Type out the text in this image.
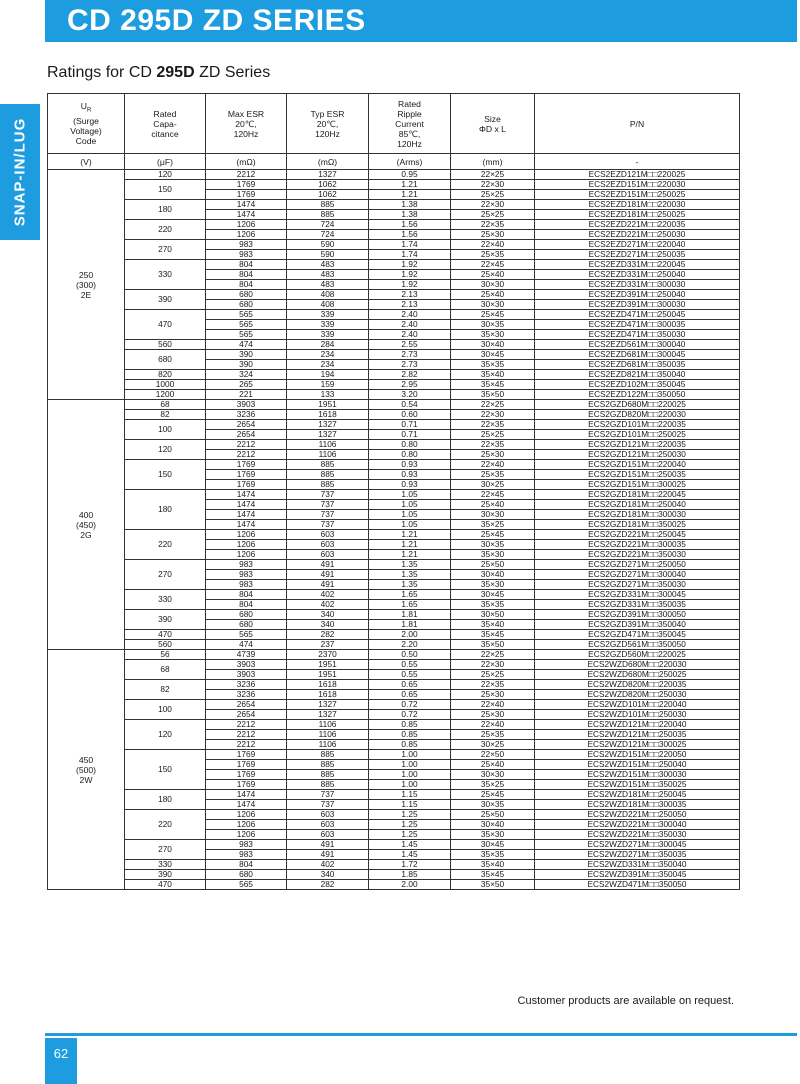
CD 295D ZD SERIES
SNAP-IN/LUG
Ratings for CD 295D ZD Series
$U_R$
(Surge
Voltage)
Code	Rated
Capa-
citance	Max ESR
20℃,
120Hz	Typ ESR
20℃,
120Hz	Rated
Ripple
Current
85℃,
120Hz	Size
ΦD x L	P/N
(V)	(μF)	(mΩ)	(mΩ)	(Arms)	(mm)	-
250
(300)
2E	120	2212	1327	0.95	22×25	ECS2EZD121M□□220025
	150	1769	1062	1.21	22×30	ECS2EZD151M□□220030
		1769	1062	1.21	25×25	ECS2EZD151M□□250025
	180	1474	885	1.38	22×30	ECS2EZD181M□□220030
		1474	885	1.38	25×25	ECS2EZD181M□□250025
	220	1206	724	1.56	22×35	ECS2EZD221M□□220035
		1206	724	1.56	25×30	ECS2EZD221M□□250030
	270	983	590	1.74	22×40	ECS2EZD271M□□220040
		983	590	1.74	25×35	ECS2EZD271M□□250035
	330	804	483	1.92	22×45	ECS2EZD331M□□220045
		804	483	1.92	25×40	ECS2EZD331M□□250040
		804	483	1.92	30×30	ECS2EZD331M□□300030
	390	680	408	2.13	25×40	ECS2EZD391M□□250040
		680	408	2.13	30×30	ECS2EZD391M□□300030
	470	565	339	2.40	25×45	ECS2EZD471M□□250045
		565	339	2.40	30×35	ECS2EZD471M□□300035
		565	339	2.40	35×30	ECS2EZD471M□□350030
	560	474	284	2.55	30×40	ECS2EZD561M□□300040
	680	390	234	2.73	30×45	ECS2EZD681M□□300045
		390	234	2.73	35×35	ECS2EZD681M□□350035
	820	324	194	2.82	35×40	ECS2EZD821M□□350040
	1000	265	159	2.95	35×45	ECS2EZD102M□□350045
	1200	221	133	3.20	35×50	ECS2EZD122M□□350050
400
(450)
2G	68	3903	1951	0.54	22×25	ECS2GZD680M□□220025
	82	3236	1618	0.60	22×30	ECS2GZD820M□□220030
	100	2654	1327	0.71	22×35	ECS2GZD101M□□220035
		2654	1327	0.71	25×25	ECS2GZD101M□□250025
	120	2212	1106	0.80	22×35	ECS2GZD121M□□220035
		2212	1106	0.80	25×30	ECS2GZD121M□□250030
	150	1769	885	0.93	22×40	ECS2GZD151M□□220040
		1769	885	0.93	25×35	ECS2GZD151M□□250035
		1769	885	0.93	30×25	ECS2GZD151M□□300025
	180	1474	737	1.05	22×45	ECS2GZD181M□□220045
		1474	737	1.05	25×40	ECS2GZD181M□□250040
		1474	737	1.05	30×30	ECS2GZD181M□□300030
		1474	737	1.05	35×25	ECS2GZD181M□□350025
	220	1206	603	1.21	25×45	ECS2GZD221M□□250045
		1206	603	1.21	30×35	ECS2GZD221M□□300035
		1206	603	1.21	35×30	ECS2GZD221M□□350030
	270	983	491	1.35	25×50	ECS2GZD271M□□250050
		983	491	1.35	30×40	ECS2GZD271M□□300040
		983	491	1.35	35×30	ECS2GZD271M□□350030
	330	804	402	1.65	30×45	ECS2GZD331M□□300045
		804	402	1.65	35×35	ECS2GZD331M□□350035
	390	680	340	1.81	30×50	ECS2GZD391M□□300050
		680	340	1.81	35×40	ECS2GZD391M□□350040
	470	565	282	2.00	35×45	ECS2GZD471M□□350045
	560	474	237	2.20	35×50	ECS2GZD561M□□350050
450
(500)
2W	56	4739	2370	0.50	22×25	ECS2GZD560M□□220025
	68	3903	1951	0.55	22×30	ECS2WZD680M□□220030
		3903	1951	0.55	25×25	ECS2WZD680M□□250025
	82	3236	1618	0.65	22×35	ECS2WZD820M□□220035
		3236	1618	0.65	25×30	ECS2WZD820M□□250030
	100	2654	1327	0.72	22×40	ECS2WZD101M□□220040
		2654	1327	0.72	25×30	ECS2WZD101M□□250030
	120	2212	1106	0.85	22×40	ECS2WZD121M□□220040
		2212	1106	0.85	25×35	ECS2WZD121M□□250035
		2212	1106	0.85	30×25	ECS2WZD121M□□300025
	150	1769	885	1.00	22×50	ECS2WZD151M□□220050
		1769	885	1.00	25×40	ECS2WZD151M□□250040
		1769	885	1.00	30×30	ECS2WZD151M□□300030
		1769	885	1.00	35×25	ECS2WZD151M□□350025
	180	1474	737	1.15	25×45	ECS2WZD181M□□250045
		1474	737	1.15	30×35	ECS2WZD181M□□300035
	220	1206	603	1.25	25×50	ECS2WZD221M□□250050
		1206	603	1.25	30×40	ECS2WZD221M□□300040
		1206	603	1.25	35×30	ECS2WZD221M□□350030
	270	983	491	1.45	30×45	ECS2WZD271M□□300045
		983	491	1.45	35×35	ECS2WZD271M□□350035
	330	804	402	1.72	35×40	ECS2WZD331M□□350040
	390	680	340	1.85	35×45	ECS2WZD391M□□350045
	470	565	282	2.00	35×50	ECS2WZD471M□□350050
Customer products are available on request.
62
